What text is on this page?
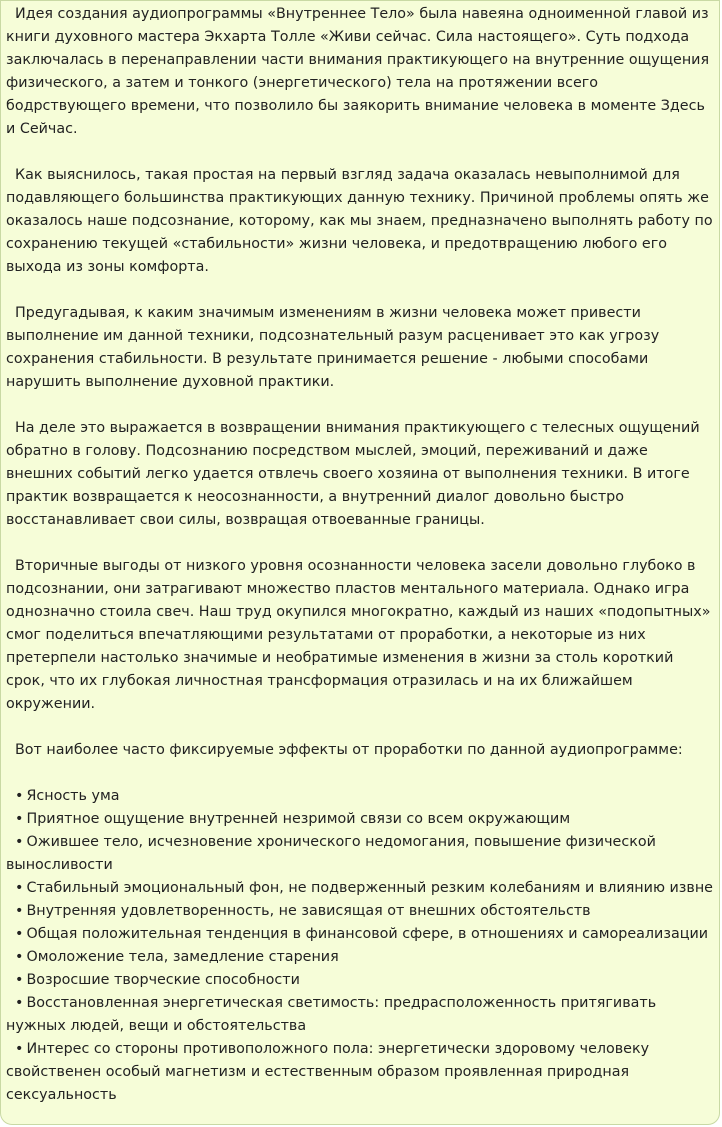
Идея создания аудиопрограммы «Внутреннее Тело» была навеяна одноименной главой из книги духовного мастера Экхарта Толле «Живи сейчас. Сила настоящего». Суть подхода заключалась в перенаправлении части внимания практикующего на внутренние ощущения физического, а затем и тонкого (энергетического) тела на протяжении всего бодрствующего времени, что позволило бы заякорить внимание человека в моменте Здесь и Сейчас.

Как выяснилось, такая простая на первый взгляд задача оказалась невыполнимой для подавляющего большинства практикующих данную технику. Причиной проблемы опять же оказалось наше подсознание, которому, как мы знаем, предназначено выполнять работу по сохранению текущей «стабильности» жизни человека, и предотвращению любого его выхода из зоны комфорта.

Предугадывая, к каким значимым изменениям в жизни человека может привести выполнение им данной техники, подсознательный разум расценивает это как угрозу сохранения стабильности. В результате принимается решение - любыми способами нарушить выполнение духовной практики.

На деле это выражается в возвращении внимания практикующего с телесных ощущений обратно в голову. Подсознанию посредством мыслей, эмоций, переживаний и даже внешних событий легко удается отвлечь своего хозяина от выполнения техники. В итоге практик возвращается к неосознанности, а внутренний диалог довольно быстро восстанавливает свои силы, возвращая отвоеванные границы.

Вторичные выгоды от низкого уровня осознанности человека засели довольно глубоко в подсознании, они затрагивают множество пластов ментального материала. Однако игра однозначно стоила свеч. Наш труд окупился многократно, каждый из наших «подопытных» смог поделиться впечатляющими результатами от проработки, а некоторые из них претерпели настолько значимые и необратимые изменения в жизни за столь короткий срок, что их глубокая личностная трансформация отразилась и на их ближайшем окружении.

Вот наиболее часто фиксируемые эффекты от проработки по данной аудиопрограмме:

• Ясность ума
• Приятное ощущение внутренней незримой связи со всем окружающим
• Ожившее тело, исчезновение хронического недомогания, повышение физической выносливости
• Стабильный эмоциональный фон, не подверженный резким колебаниям и влиянию извне
• Внутренняя удовлетворенность, не зависящая от внешних обстоятельств
• Общая положительная тенденция в финансовой сфере, в отношениях и самореализации
• Омоложение тела, замедление старения
• Возросшие творческие способности
• Восстановленная энергетическая светимость: предрасположенность притягивать нужных людей, вещи и обстоятельства
• Интерес со стороны противоположного пола: энергетически здоровому человеку свойственен особый магнетизм и естественным образом проявленная природная сексуальность
